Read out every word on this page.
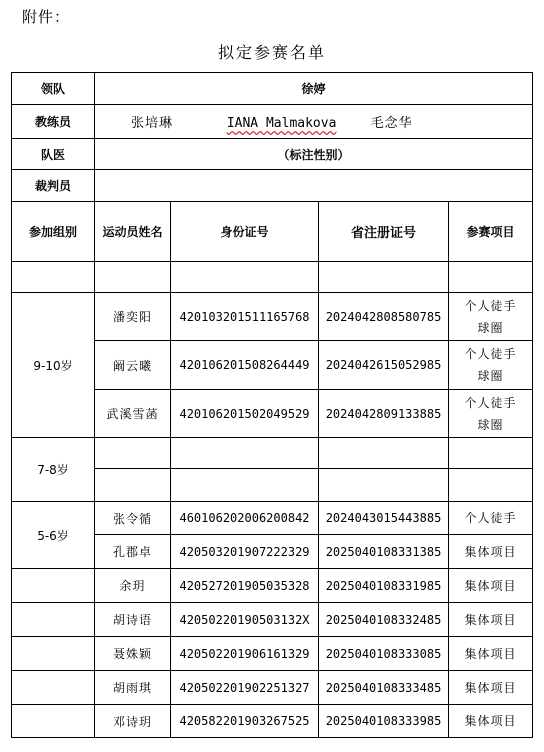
附件：
拟定参赛名单
领队	徐婷			
教练员	张培琳 IANA Malmakova 毛念华			
队医	（标注性别）			
裁判员				
参加组别	运动员姓名	身份证号	省注册证号	参赛项目

9-10岁	潘奕阳	420103201511165768	2024042808580785	个人徒手球圈
	阚云曦	420106201508264449	2024042615052985	个人徒手球圈
	武溪雪菡	420106201502049529	2024042809133885	个人徒手球圈
7-8岁				

5-6岁	张令循	460106202006200842	2024043015443885	个人徒手
	孔郡卓	420503201907222329	2025040108331385	集体项目
	余玥	420527201905035328	2025040108331985	集体项目
	胡诗语	42050220190503132X	2025040108332485	集体项目
	聂姝颖	420502201906161329	2025040108333085	集体项目
	胡雨琪	420502201902251327	2025040108333485	集体项目
	邓诗玥	420582201903267525	2025040108333985	集体项目
